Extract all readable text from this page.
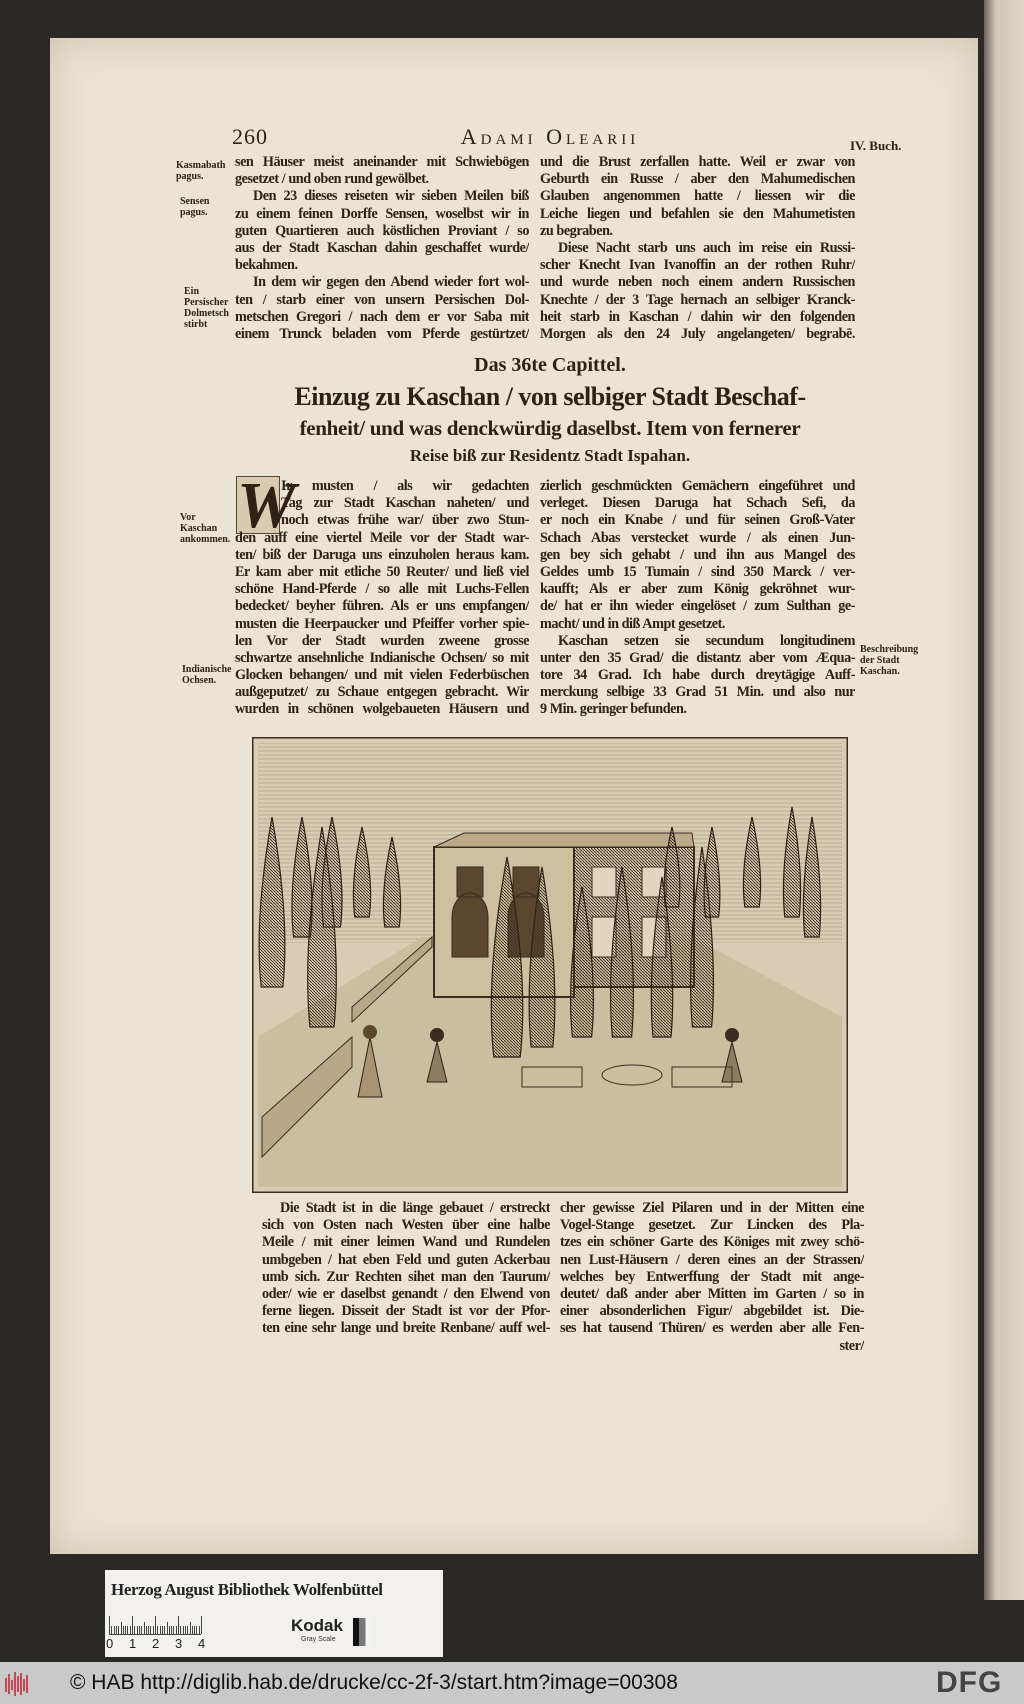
260	Adami Olearii	IV. Buch.
sen Häuser meist aneinander mit Schwiebögen
gesetzet / und oben rund gewölbet.
Den 23 dieses reiseten wir sieben Meilen biß
zu einem feinen Dorffe Sensen, woselbst wir in
guten Quartieren auch köstlichen Proviant / so
aus der Stadt Kaschan dahin geschaffet wurde/
bekahmen.
In dem wir gegen den Abend wieder fort wol-
ten / starb einer von unsern Persischen Dol-
metschen Gregori / nach dem er vor Saba mit
einem Trunck beladen vom Pferde gestürtzet/
und die Brust zerfallen hatte. Weil er zwar von
Geburth ein Russe / aber den Mahumedischen
Glauben angenommen hatte / liessen wir die
Leiche liegen und befahlen sie den Mahumetisten
zu begraben.
Diese Nacht starb uns auch im reise ein Russi-
scher Knecht Ivan Ivanoffin an der rothen Ruhr/
und wurde neben noch einem andern Russischen
Knechte / der 3 Tage hernach an selbiger Kranck-
heit starb in Kaschan / dahin wir den folgenden
Morgen als den 24 July angelangeten/ begrabē.
Kasmabath pagus.
Sensen pagus.
Ein Persischer Dolmetsch stirbt
Das 36te Capittel.
Einzug zu Kaschan / von selbiger Stadt Beschaf-
fenheit/ und was denckwürdig daselbst. Item von fernerer
Reise biß zur Residentz Stadt Ispahan.
W
Ir musten / als wir gedachten
Tag zur Stadt Kaschan naheten/ und
noch etwas frühe war/ über zwo Stun-
den auff eine viertel Meile vor der Stadt war-
ten/ biß der Daruga uns einzuholen heraus kam.
Er kam aber mit etliche 50 Reuter/ und ließ viel
schöne Hand-Pferde / so alle mit Luchs-Fellen
bedecket/ beyher führen. Als er uns empfangen/
musten die Heerpaucker und Pfeiffer vorher spie-
len Vor der Stadt wurden zweene grosse
schwartze ansehnliche Indianische Ochsen/ so mit
Glocken behangen/ und mit vielen Federbüschen
außgeputzet/ zu Schaue entgegen gebracht. Wir
wurden in schönen wolgebaueten Häusern und
zierlich geschmückten Gemächern eingeführet und
verleget. Diesen Daruga hat Schach Sefi, da
er noch ein Knabe / und für seinen Groß-Vater
Schach Abas verstecket wurde / als einen Jun-
gen bey sich gehabt / und ihn aus Mangel des
Geldes umb 15 Tumain / sind 350 Marck / ver-
kaufft; Als er aber zum König gekröhnet wur-
de/ hat er ihn wieder eingelöset / zum Sulthan ge-
macht/ und in diß Ampt gesetzet.
Kaschan setzen sie secundum longitudinem
unter den 35 Grad/ die distantz aber vom Æqua-
tore 34 Grad. Ich habe durch dreytägige Auff-
merckung selbige 33 Grad 51 Min. und also nur
9 Min. geringer befunden.
Vor Kaschan ankommen.
Indianische Ochsen.
Beschreibung der Stadt Kaschan.
Die Stadt ist in die länge gebauet / erstreckt
sich von Osten nach Westen über eine halbe
Meile / mit einer leimen Wand und Rundelen
umbgeben / hat eben Feld und guten Ackerbau
umb sich. Zur Rechten sihet man den Taurum/
oder/ wie er daselbst genandt / den Elwend von
ferne liegen. Disseit der Stadt ist vor der Pfor-
ten eine sehr lange und breite Renbane/ auff wel-
cher gewisse Ziel Pilaren und in der Mitten eine
Vogel-Stange gesetzet. Zur Lincken des Pla-
tzes ein schöner Garte des Königes mit zwey schö-
nen Lust-Häusern / deren eines an der Strassen/
welches bey Entwerffung der Stadt mit ange-
deutet/ daß ander aber Mitten im Garten / so in
einer absonderlichen Figur/ abgebildet ist. Die-
ses hat tausend Thüren/ es werden aber alle Fen-
ster/
Herzog August Bibliothek Wolfenbüttel
0 1 2 3 4
Kodak
Gray Scale
© HAB http://diglib.hab.de/drucke/cc-2f-3/start.htm?image=00308	DFG
